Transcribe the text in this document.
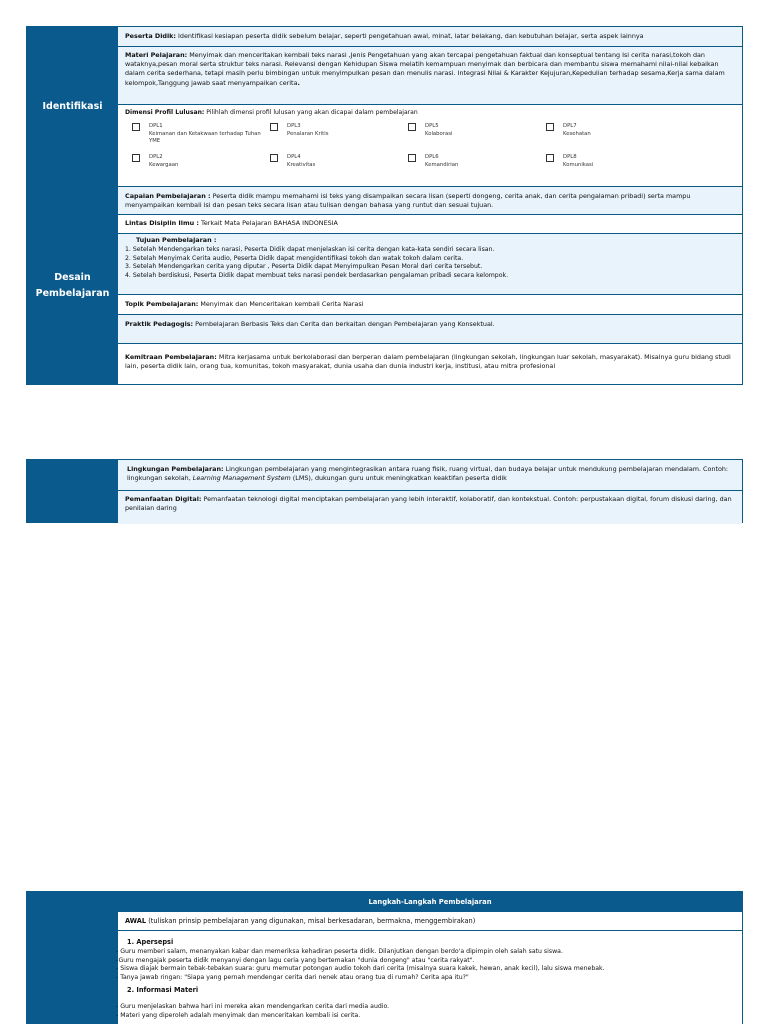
Identifikasi
Peserta Didik: Identifikasi kesiapan peserta didik sebelum belajar, seperti pengetahuan awal, minat, latar belakang, dan kebutuhan belajar, serta aspek lainnya
Materi Pelajaran: Menyimak dan menceritakan kembali teks narasi ,Jenis Pengetahuan yang akan tercapai pengetahuan faktual dan konseptual tentang Isi cerita narasi,tokoh dan wataknya,pesan moral serta struktur teks narasi. Relevansi dengan Kehidupan Siswa melatih kemampuan menyimak dan berbicara dan membantu siswa memahami nilai-nilai kebaikan dalam cerita sederhana, tetapi masih perlu bimbingan untuk menyimpulkan pesan dan menulis narasi. Integrasi Nilai & Karakter Kejujuran,Kepedulian terhadap sesama,Kerja sama dalam kelompok,Tanggung jawab saat menyampaikan cerita.
Dimensi Profil Lulusan: Pilihlah dimensi profil lulusan yang akan dicapai dalam pembelajaran
DPL1
Keimanan dan Ketakwaan terhadap Tuhan YME
DPL3
Penalaran Kritis
DPL5
Kolaborasi
DPL7
Kesehatan
DPL2
Kewargaan
DPL4
Kreativitas
DPL6
Kemandirian
DPL8
Komunikasi
Desain
Pembelajaran
Capaian Pembelajaran : Peserta didik mampu memahami isi teks yang disampaikan secara lisan (seperti dongeng, cerita anak, dan cerita pengalaman pribadi) serta mampu menyampaikan kembali isi dan pesan teks secara lisan atau tulisan dengan bahasa yang runtut dan sesuai tujuan.
Lintas Disiplin Ilmu : Terkait Mata Pelajaran BAHASA INDONESIA
Tujuan Pembelajaran :
1. Setelah Mendengarkan teks narasi, Peserta Didik dapat menjelaskan isi cerita dengan kata-kata sendiri secara lisan.
2. Setelah Menyimak Cerita audio, Peserta Didik dapat mengidentifikasi tokoh dan watak tokoh dalam cerita.
3. Setelah Mendengarkan cerita yang diputar , Peserta Didik dapat Menyimpulkan Pesan Moral dari cerita tersebut.
4. Setelah berdiskusi, Peserta Didik dapat membuat teks narasi pendek berdasarkan pengalaman pribadi secara kelompok.
Topik Pembelajaran: Menyimak dan Menceritakan kembali Cerita Narasi
Praktik Pedagogis: Pembelajaran Berbasis Teks dan Cerita dan berkaitan dengan Pembelajaran yang Konsektual.
Kemitraan Pembelajaran: Mitra kerjasama untuk berkolaborasi dan berperan dalam pembelajaran (lingkungan sekolah, lingkungan luar sekolah, masyarakat). Misalnya guru bidang studi lain, peserta didik lain, orang tua, komunitas, tokoh masyarakat, dunia usaha dan dunia industri kerja, institusi, atau mitra profesional
Lingkungan Pembelajaran: Lingkungan pembelajaran yang mengintegrasikan antara ruang fisik, ruang virtual, dan budaya belajar untuk mendukung pembelajaran mendalam. Contoh: lingkungan sekolah, Learning Management System (LMS), dukungan guru untuk meningkatkan keaktifan peserta didik
Pemanfaatan Digital: Pemanfaatan teknologi digital menciptakan pembelajaran yang lebih interaktif, kolaboratif, dan kontekstual. Contoh: perpustakaan digital, forum diskusi daring, dan penilaian daring
Langkah-Langkah Pembelajaran
AWAL (tuliskan prinsip pembelajaran yang digunakan, misal berkesadaran, bermakna, menggembirakan)
1. Apersepsi
- Guru memberi salam, menanyakan kabar dan memeriksa kehadiran peserta didik. Dilanjutkan dengan berdo'a dipimpin oleh salah satu siswa.
-Guru mengajak peserta didik menyanyi dengan lagu ceria yang bertemakan "dunia dongeng" atau "cerita rakyat".
- Siswa diajak bermain tebak-tebakan suara: guru memutar potongan audio tokoh dari cerita (misalnya suara kakek, hewan, anak kecil), lalu siswa menebak.
- Tanya jawab ringan: "Siapa yang pernah mendengar cerita dari nenek atau orang tua di rumah? Cerita apa itu?"
2. Informasi Materi
- Guru menjelaskan bahwa hari ini mereka akan mendengarkan cerita dari media audio.
- Materi yang diperoleh adalah menyimak dan menceritakan kembali isi cerita.
